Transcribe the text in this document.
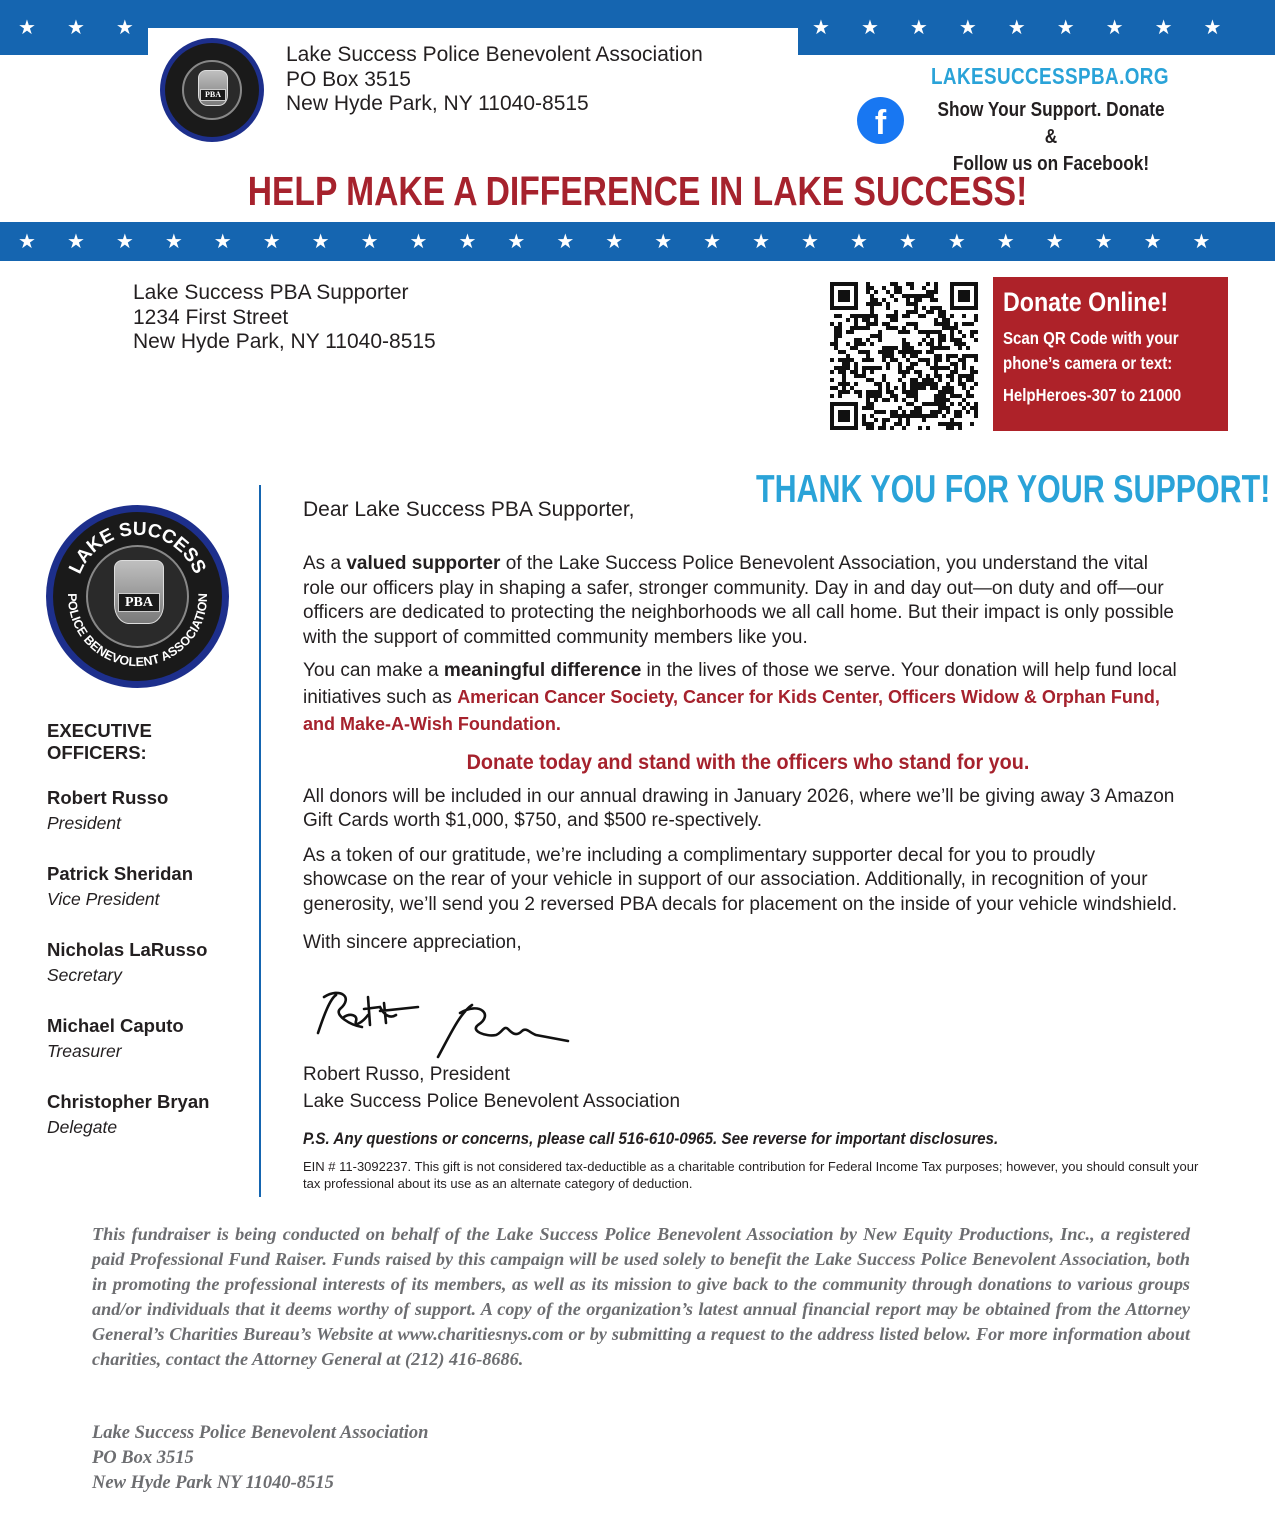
★ ★ ★	★ ★ ★ ★ ★ ★ ★ ★ ★
PBA
Lake Success Police Benevolent Association
PO Box 3515
New Hyde Park, NY 11040-8515
LAKESUCCESSPBA.ORG
f	Show Your Support. Donate &
Follow us on Facebook!
HELP MAKE A DIFFERENCE IN LAKE SUCCESS!
★ ★ ★ ★ ★ ★ ★ ★ ★ ★ ★ ★ ★ ★ ★ ★ ★ ★ ★ ★ ★ ★ ★ ★ ★
Lake Success PBA Supporter
1234 First Street
New Hyde Park, NY 11040-8515
Donate Online!
Scan QR Code with your
phone’s camera or text:
HelpHeroes-307 to 21000
THANK YOU FOR YOUR SUPPORT!
LAKE SUCCESS
POLICE BENEVOLENT ASSOCIATION
PBA
EXECUTIVE OFFICERS:
Robert Russo
President
Patrick Sheridan
Vice President
Nicholas LaRusso
Secretary
Michael Caputo
Treasurer
Christopher Bryan
Delegate
Dear Lake Success PBA Supporter,

As a valued supporter of the Lake Success Police Benevolent Association, you understand the vital role our officers play in shaping a safer, stronger community. Day in and day out—on duty and off—our officers are dedicated to protecting the neighborhoods we all call home. But their impact is only possible with the support of committed community members like you.

You can make a meaningful difference in the lives of those we serve. Your donation will help fund local initiatives such as American Cancer Society, Cancer for Kids Center, Officers Widow & Orphan Fund, and Make-A-Wish Foundation.

Donate today and stand with the officers who stand for you.

All donors will be included in our annual drawing in January 2026, where we’ll be giving away 3 Amazon Gift Cards worth $1,000, $750, and $500 re-spectively.

As a token of our gratitude, we’re including a complimentary supporter decal for you to proudly showcase on the rear of your vehicle in support of our association. Additionally, in recognition of your generosity, we’ll send you 2 reversed PBA decals for placement on the inside of your vehicle windshield.

With sincere appreciation,
Robert Russo, President
Lake Success Police Benevolent Association
P.S. Any questions or concerns, please call 516-610-0965. See reverse for important disclosures.
EIN # 11-3092237. This gift is not considered tax-deductible as a charitable contribution for Federal Income Tax purposes; however, you should consult your tax professional about its use as an alternate category of deduction.
This fundraiser is being conducted on behalf of the Lake Success Police Benevolent Association by New Equity Productions, Inc., a registered paid Professional Fund Raiser. Funds raised by this campaign will be used solely to benefit the Lake Success Police Benevolent Association, both in promoting the professional interests of its members, as well as its mission to give back to the community through donations to various groups and/or individuals that it deems worthy of support. A copy of the organization’s latest annual financial report may be obtained from the Attorney General’s Charities Bureau’s Website at www.charitiesnys.com or by submitting a request to the address listed below. For more information about charities, contact the Attorney General at (212) 416-8686.
Lake Success Police Benevolent Association
PO Box 3515
New Hyde Park NY 11040-8515
